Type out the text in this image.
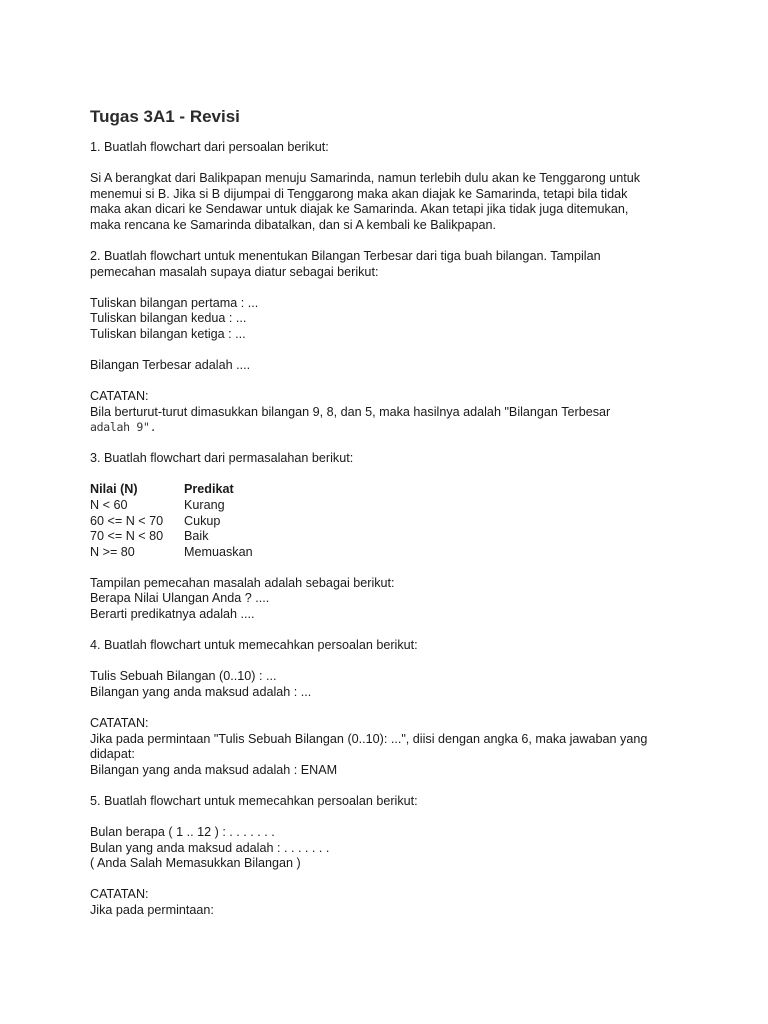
Tugas 3A1 - Revisi

1. Buatlah flowchart dari persoalan berikut:

Si A berangkat dari Balikpapan menuju Samarinda, namun terlebih dulu akan ke Tenggarong untuk
menemui si B. Jika si B dijumpai di Tenggarong maka akan diajak ke Samarinda, tetapi bila tidak
maka akan dicari ke Sendawar untuk diajak ke Samarinda. Akan tetapi jika tidak juga ditemukan,
maka rencana ke Samarinda dibatalkan, dan si A kembali ke Balikpapan.

2. Buatlah flowchart untuk menentukan Bilangan Terbesar dari tiga buah bilangan. Tampilan
pemecahan masalah supaya diatur sebagai berikut:

Tuliskan bilangan pertama : ...
Tuliskan bilangan kedua : ...
Tuliskan bilangan ketiga : ...

Bilangan Terbesar adalah ....

CATATAN:
Bila berturut-turut dimasukkan bilangan 9, 8, dan 5, maka hasilnya adalah "Bilangan Terbesar
adalah 9".

3. Buatlah flowchart dari permasalahan berikut:

Nilai (N)	Predikat
N < 60	Kurang
60 <= N < 70	Cukup
70 <= N < 80	Baik
N >= 80	Memuaskan

Tampilan pemecahan masalah adalah sebagai berikut:
Berapa Nilai Ulangan Anda ? ....
Berarti predikatnya adalah ....

4. Buatlah flowchart untuk memecahkan persoalan berikut:

Tulis Sebuah Bilangan (0..10) : ...
Bilangan yang anda maksud adalah : ...

CATATAN:
Jika pada permintaan "Tulis Sebuah Bilangan (0..10): ...", diisi dengan angka 6, maka jawaban yang
didapat:
Bilangan yang anda maksud adalah : ENAM

5. Buatlah flowchart untuk memecahkan persoalan berikut:

Bulan berapa ( 1 .. 12 ) : . . . . . . .
Bulan yang anda maksud adalah : . . . . . . .
( Anda Salah Memasukkan Bilangan )

CATATAN:
Jika pada permintaan:
